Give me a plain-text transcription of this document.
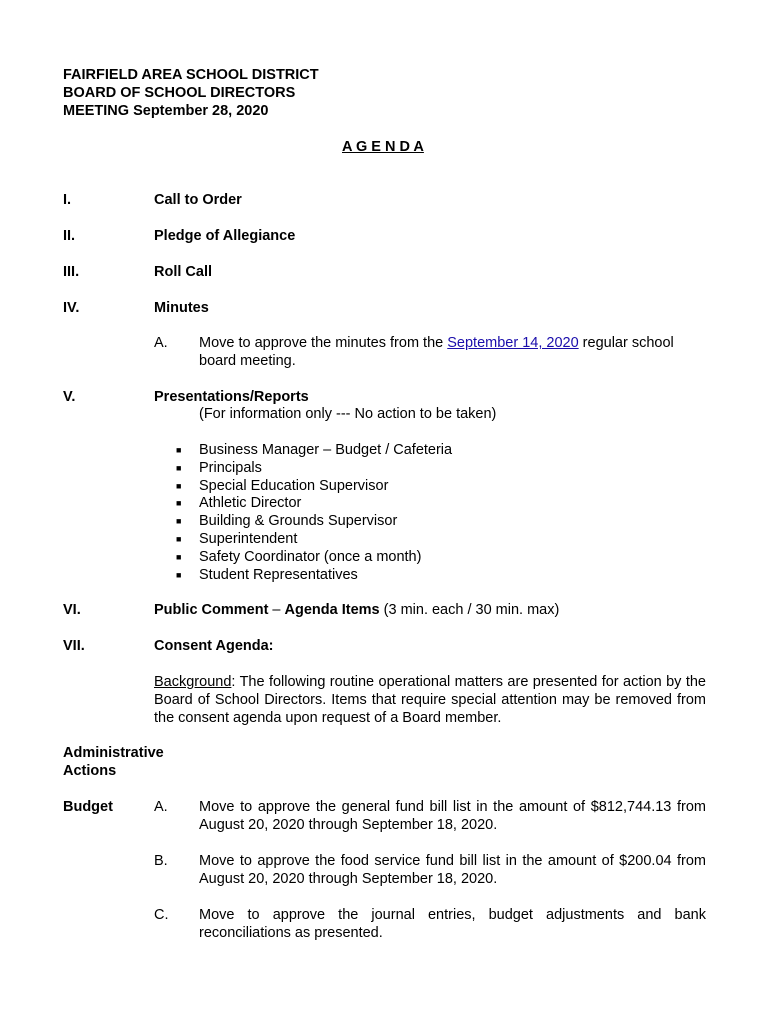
FAIRFIELD AREA SCHOOL DISTRICT
BOARD OF SCHOOL DIRECTORS
MEETING September 28, 2020
A G E N D A
I.	Call to Order
II.	Pledge of Allegiance
III.	Roll Call
IV.	Minutes
A. Move to approve the minutes from the September 14, 2020 regular school
board meeting.
V.	Presentations/Reports
(For information only --- No action to be taken)
■ Business Manager – Budget / Cafeteria
■ Principals
■ Special Education Supervisor
■ Athletic Director
■ Building & Grounds Supervisor
■ Superintendent
■ Safety Coordinator (once a month)
■ Student Representatives
VI.	Public Comment – Agenda Items (3 min. each / 30 min. max)
VII.	Consent Agenda:
Background: The following routine operational matters are presented for action by the Board of School Directors. Items that require special attention may be removed from the consent agenda upon request of a Board member.
Administrative
Actions
Budget	A. Move to approve the general fund bill list in the amount of $812,744.13 from August 20, 2020 through September 18, 2020.
B. Move to approve the food service fund bill list in the amount of $200.04 from August 20, 2020 through September 18, 2020.
C. Move to approve the journal entries, budget adjustments and bank reconciliations as presented.
